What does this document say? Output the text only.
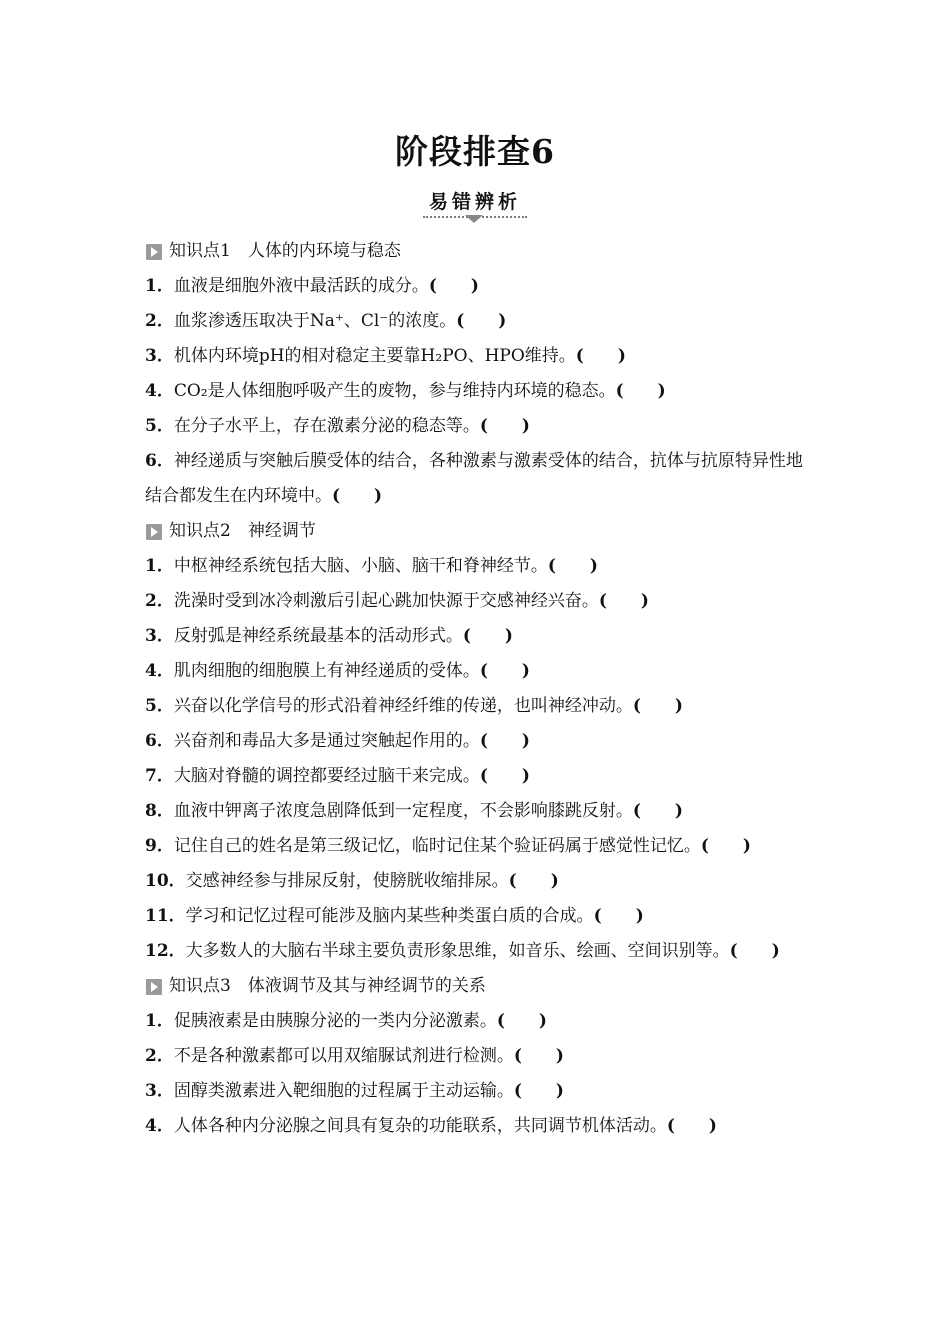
阶段排查6
易错辨析
知识点1　人体的内环境与稳态
1．血液是细胞外液中最活跃的成分。( )
2．血浆渗透压取决于Na⁺、Cl⁻的浓度。( )
3．机体内环境pH的相对稳定主要靠H₂PO、HPO维持。( )
4．CO₂是人体细胞呼吸产生的废物，参与维持内环境的稳态。( )
5．在分子水平上，存在激素分泌的稳态等。( )
6．神经递质与突触后膜受体的结合，各种激素与激素受体的结合，抗体与抗原特异性地结合都发生在内环境中。( )
知识点2　神经调节
1．中枢神经系统包括大脑、小脑、脑干和脊神经节。( )
2．洗澡时受到冰冷刺激后引起心跳加快源于交感神经兴奋。( )
3．反射弧是神经系统最基本的活动形式。( )
4．肌肉细胞的细胞膜上有神经递质的受体。( )
5．兴奋以化学信号的形式沿着神经纤维的传递，也叫神经冲动。( )
6．兴奋剂和毒品大多是通过突触起作用的。( )
7．大脑对脊髓的调控都要经过脑干来完成。( )
8．血液中钾离子浓度急剧降低到一定程度，不会影响膝跳反射。( )
9．记住自己的姓名是第三级记忆，临时记住某个验证码属于感觉性记忆。( )
10．交感神经参与排尿反射，使膀胱收缩排尿。( )
11．学习和记忆过程可能涉及脑内某些种类蛋白质的合成。( )
12．大多数人的大脑右半球主要负责形象思维，如音乐、绘画、空间识别等。( )
知识点3　体液调节及其与神经调节的关系
1．促胰液素是由胰腺分泌的一类内分泌激素。( )
2．不是各种激素都可以用双缩脲试剂进行检测。( )
3．固醇类激素进入靶细胞的过程属于主动运输。( )
4．人体各种内分泌腺之间具有复杂的功能联系，共同调节机体活动。( )
